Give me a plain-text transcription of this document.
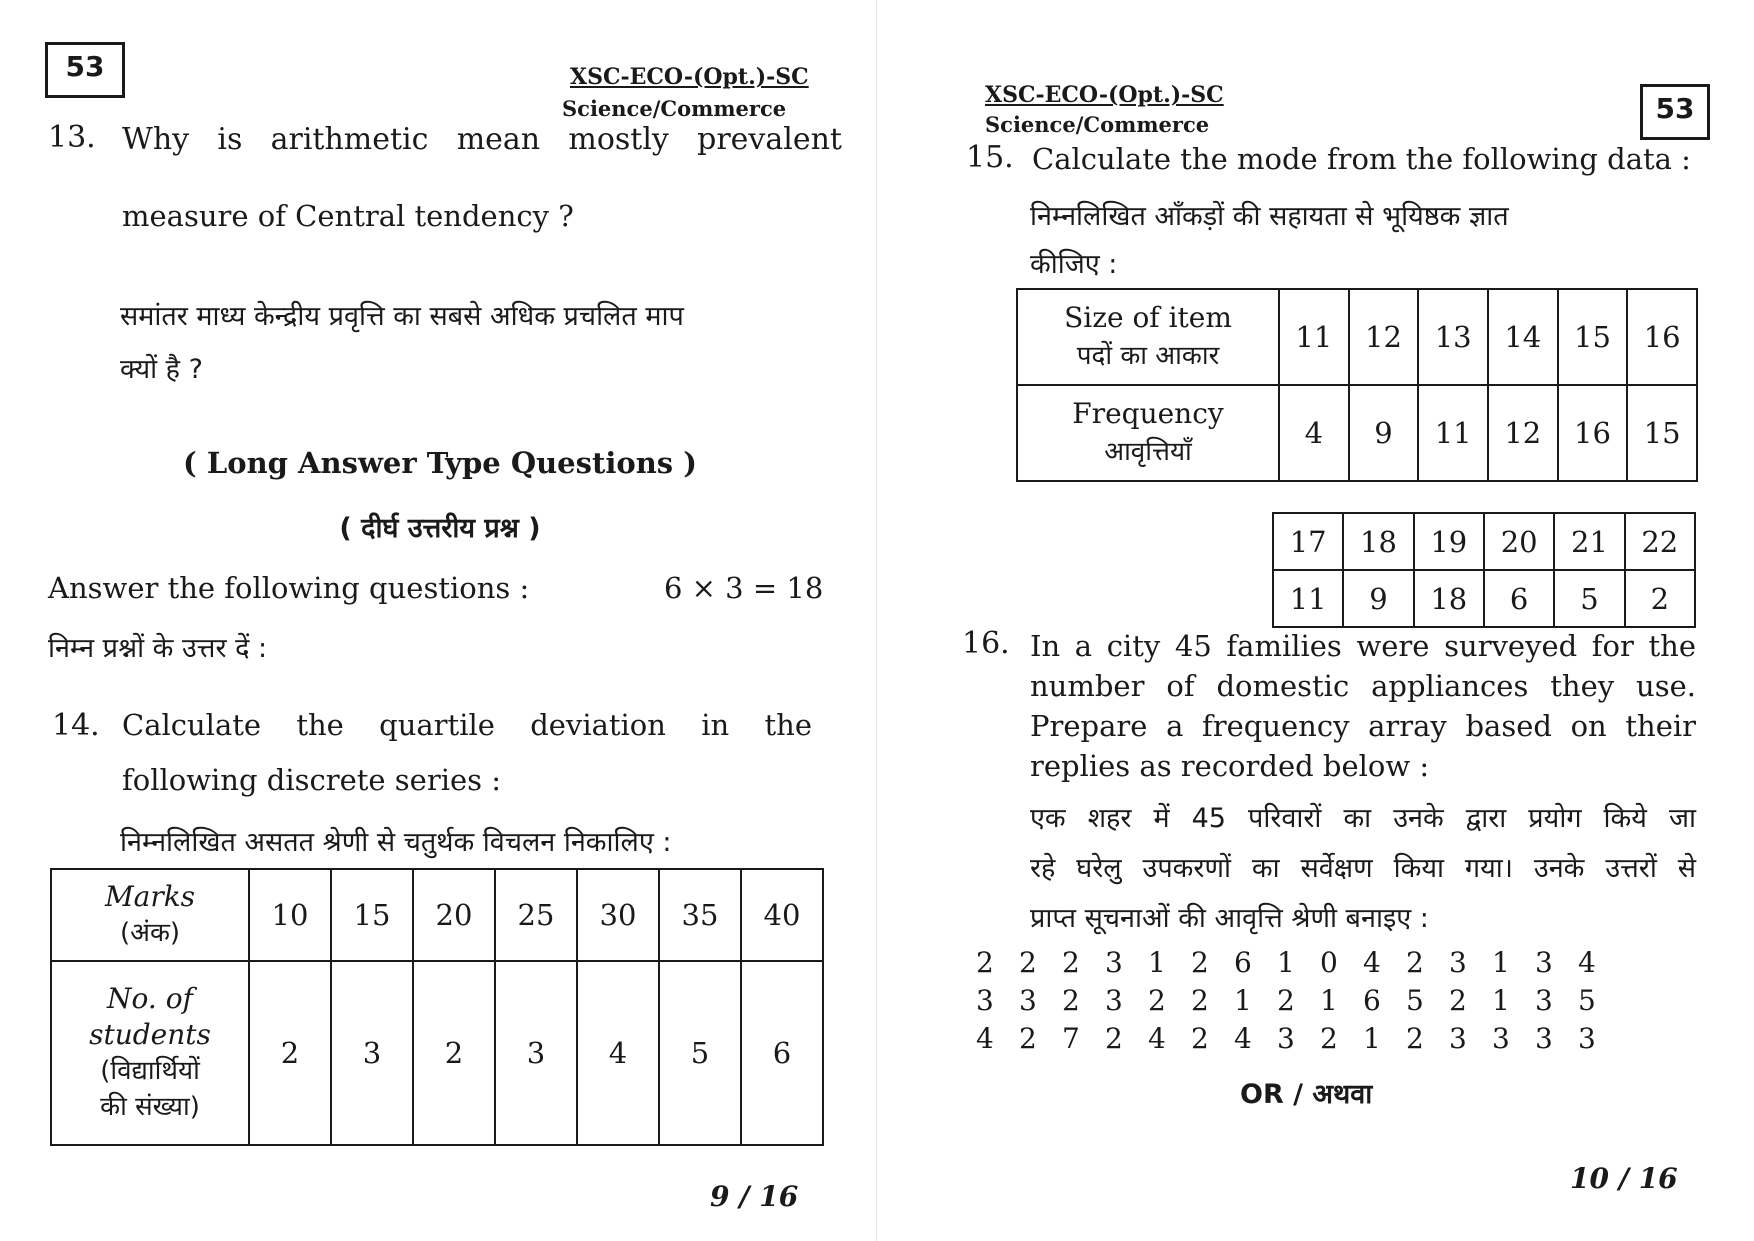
53	XSC-ECO-(Opt.)-SC
Science/Commerce
13. Why is arithmetic mean mostly prevalent
measure of Central tendency ?
समांतर माध्य केन्द्रीय प्रवृत्ति का सबसे अधिक प्रचलित माप
क्यों है ?
( Long Answer Type Questions )
( दीर्घ उत्तरीय प्रश्न )
Answer the following questions :	6 × 3 = 18
निम्न प्रश्नों के उत्तर दें :
14. Calculate the quartile deviation in the
following discrete series :
निम्नलिखित असतत श्रेणी से चतुर्थक विचलन निकालिए :
Marks
(अंक)	10	15	20	25	30	35	40

No. of
students
(विद्यार्थियों
की संख्या)	2	3	2	3	4	5	6
9 / 16
XSC-ECO-(Opt.)-SC
Science/Commerce	53
15. Calculate the mode from the following data :
निम्नलिखित आँकड़ों की सहायता से भूयिष्ठक ज्ञात
कीजिए :
Size of item
पदों का आकार	11	12	13	14	15	16

Frequency
आवृत्तियाँ	4	9	11	12	16	15
17	18	19	20	21	22
11	9	18	6	5	2
16. In a city 45 families were surveyed for the
number of domestic appliances they use.
Prepare a frequency array based on their
replies as recorded below :
एक शहर में 45 परिवारों का उनके द्वारा प्रयोग किये जा
रहे घरेलु उपकरणों का सर्वेक्षण किया गया। उनके उत्तरों से
प्राप्त सूचनाओं की आवृत्ति श्रेणी बनाइए :
2 2 2 3 1 2 6 1 0 4 2 3 1 3 4
3 3 2 3 2 2 1 2 1 6 5 2 1 3 5
4 2 7 2 4 2 4 3 2 1 2 3 3 3 3
OR / अथवा
10 / 16
